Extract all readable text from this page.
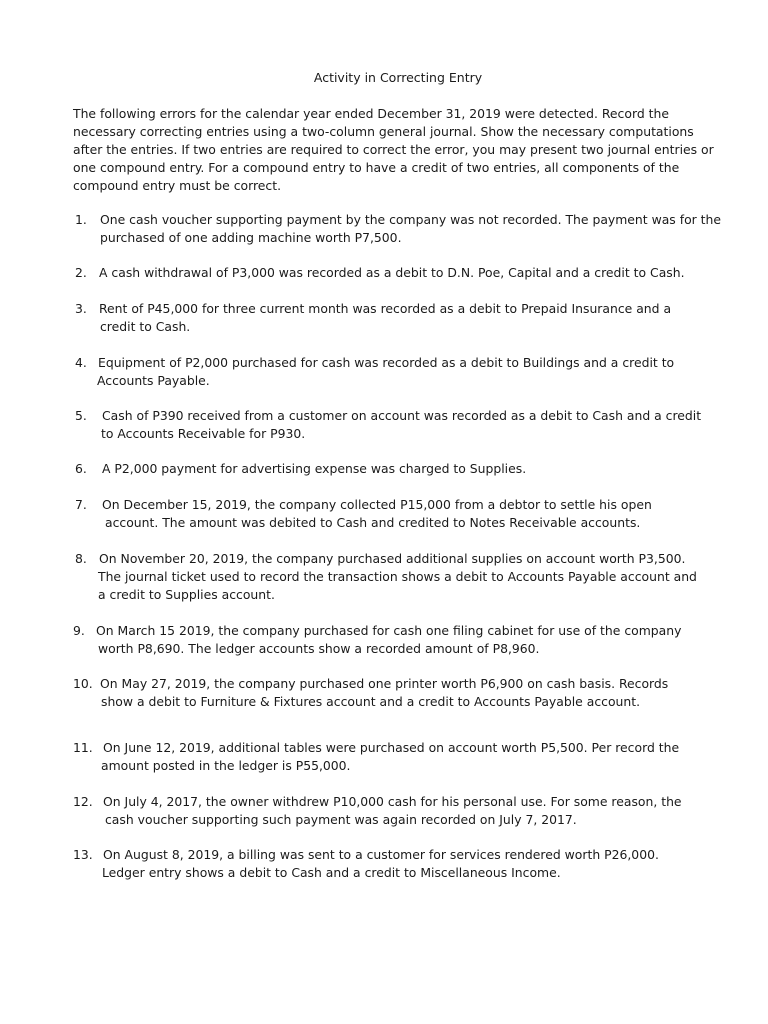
Activity in Correcting Entry
The following errors for the calendar year ended December 31, 2019 were detected. Record the
necessary correcting entries using a two-column general journal. Show the necessary computations
after the entries. If two entries are required to correct the error, you may present two journal entries or
one compound entry. For a compound entry to have a credit of two entries, all components of the
compound entry must be correct.
1. One cash voucher supporting payment by the company was not recorded. The payment was for the
purchased of one adding machine worth P7,500.
2. A cash withdrawal of P3,000 was recorded as a debit to D.N. Poe, Capital and a credit to Cash.
3. Rent of P45,000 for three current month was recorded as a debit to Prepaid Insurance and a
credit to Cash.
4. Equipment of P2,000 purchased for cash was recorded as a debit to Buildings and a credit to
Accounts Payable.
5. Cash of P390 received from a customer on account was recorded as a debit to Cash and a credit
to Accounts Receivable for P930.
6. A P2,000 payment for advertising expense was charged to Supplies.
7. On December 15, 2019, the company collected P15,000 from a debtor to settle his open
account. The amount was debited to Cash and credited to Notes Receivable accounts.
8. On November 20, 2019, the company purchased additional supplies on account worth P3,500.
The journal ticket used to record the transaction shows a debit to Accounts Payable account and
a credit to Supplies account.
9. On March 15 2019, the company purchased for cash one filing cabinet for use of the company
worth P8,690. The ledger accounts show a recorded amount of P8,960.
10. On May 27, 2019, the company purchased one printer worth P6,900 on cash basis. Records
show a debit to Furniture & Fixtures account and a credit to Accounts Payable account.
11. On June 12, 2019, additional tables were purchased on account worth P5,500. Per record the
amount posted in the ledger is P55,000.
12. On July 4, 2017, the owner withdrew P10,000 cash for his personal use. For some reason, the
cash voucher supporting such payment was again recorded on July 7, 2017.
13. On August 8, 2019, a billing was sent to a customer for services rendered worth P26,000.
Ledger entry shows a debit to Cash and a credit to Miscellaneous Income.
